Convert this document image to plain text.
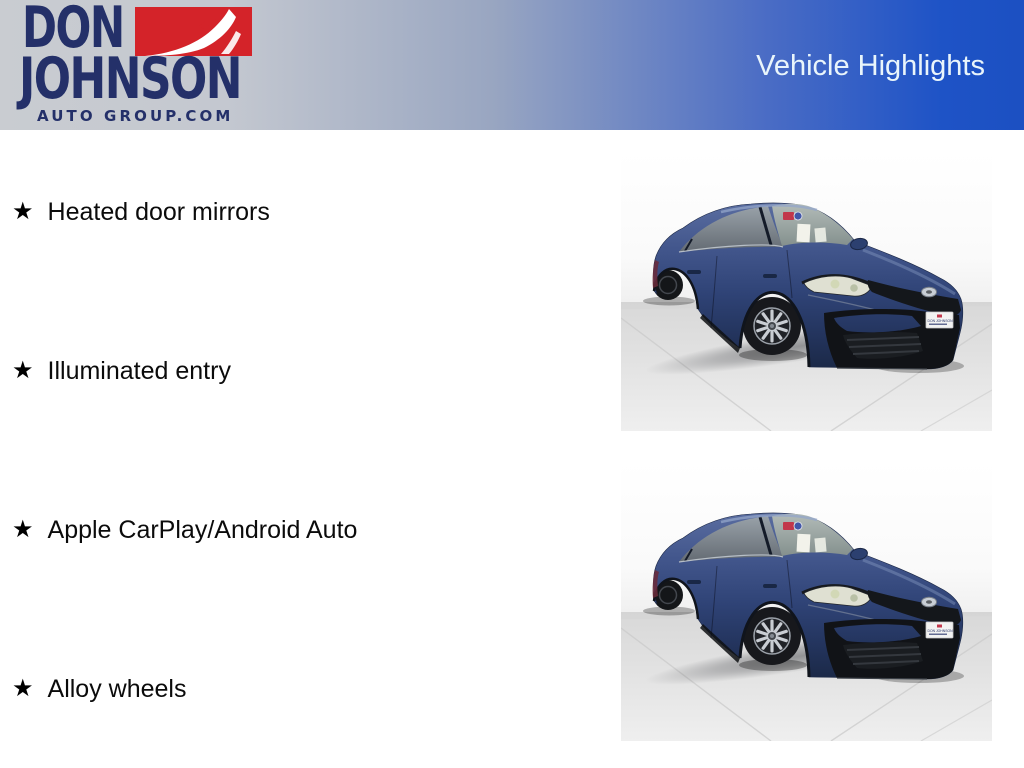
DON
JOHNSON
AUTO GROUP.COM
Vehicle Highlights
★ Heated door mirrors
★ Illuminated entry
★ Apple CarPlay/Android Auto
★ Alloy wheels
